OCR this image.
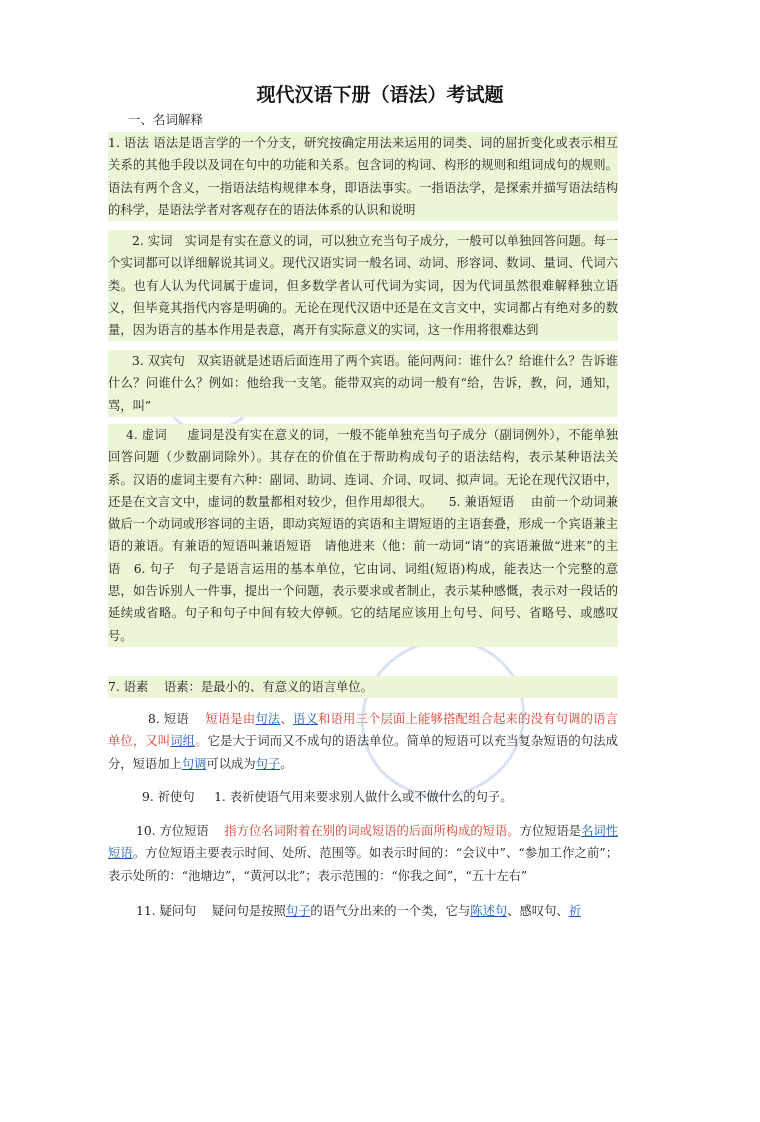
现代汉语下册（语法）考试题
一、名词解释
1. 语法 语法是语言学的一个分支，研究按确定用法来运用的词类、词的屈折变化或表示相互关系的其他手段以及词在句中的功能和关系。包含词的构词、构形的规则和组词成句的规则。语法有两个含义，一指语法结构规律本身，即语法事实。一指语法学，是探索并描写语法结构的科学，是语法学者对客观存在的语法体系的认识和说明
2. 实词 实词是有实在意义的词，可以独立充当句子成分，一般可以单独回答问题。每一个实词都可以详细解说其词义。现代汉语实词一般名词、动词、形容词、数词、量词、代词六类。也有人认为代词属于虚词，但多数学者认可代词为实词，因为代词虽然很难解释独立语义，但毕竟其指代内容是明确的。无论在现代汉语中还是在文言文中，实词都占有绝对多的数量，因为语言的基本作用是表意，离开有实际意义的实词，这一作用将很难达到
3. 双宾句 双宾语就是述语后面连用了两个宾语。能问两问：谁什么？给谁什么？告诉谁什么？问谁什么？例如：他给我一支笔。能带双宾的动词一般有“给，告诉，教，问，通知，骂，叫”
4. 虚词 虚词是没有实在意义的词，一般不能单独充当句子成分（副词例外），不能单独回答问题（少数副词除外）。其存在的价值在于帮助构成句子的语法结构，表示某种语法关系。汉语的虚词主要有六种：副词、助词、连词、介词、叹词、拟声词。无论在现代汉语中，还是在文言文中，虚词的数量都相对较少，但作用却很大。 5. 兼语短语 由前一个动词兼做后一个动词或形容词的主语，即动宾短语的宾语和主谓短语的主语套叠，形成一个宾语兼主语的兼语。有兼语的短语叫兼语短语　请他进来（他：前一动词“请”的宾语兼做“进来”的主语 6. 句子 句子是语言运用的基本单位，它由词、词组(短语)构成，能表达一个完整的意思，如告诉别人一件事，提出一个问题，表示要求或者制止，表示某种感慨，表示对一段话的延续或省略。句子和句子中间有较大停顿。它的结尾应该用上句号、问号、省略号、或感叹号。
7. 语素 语素：是最小的、有意义的语言单位。
8. 短语 短语是由句法、语义和语用三个层面上能够搭配组合起来的没有句调的语言单位，又叫词组。它是大于词而又不成句的语法单位。简单的短语可以充当复杂短语的句法成分，短语加上句调可以成为句子。
9. 祈使句 1. 表祈使语气用来要求别人做什么或不做什么的句子。
10. 方位短语 指方位名词附着在别的词或短语的后面所构成的短语。方位短语是名词性短语。方位短语主要表示时间、处所、范围等。如表示时间的：“会议中”、“参加工作之前”；表示处所的：“池塘边”，“黄河以北”；表示范围的：“你我之间”，“五十左右”
11. 疑问句 疑问句是按照句子的语气分出来的一个类，它与陈述句、感叹句、祈
